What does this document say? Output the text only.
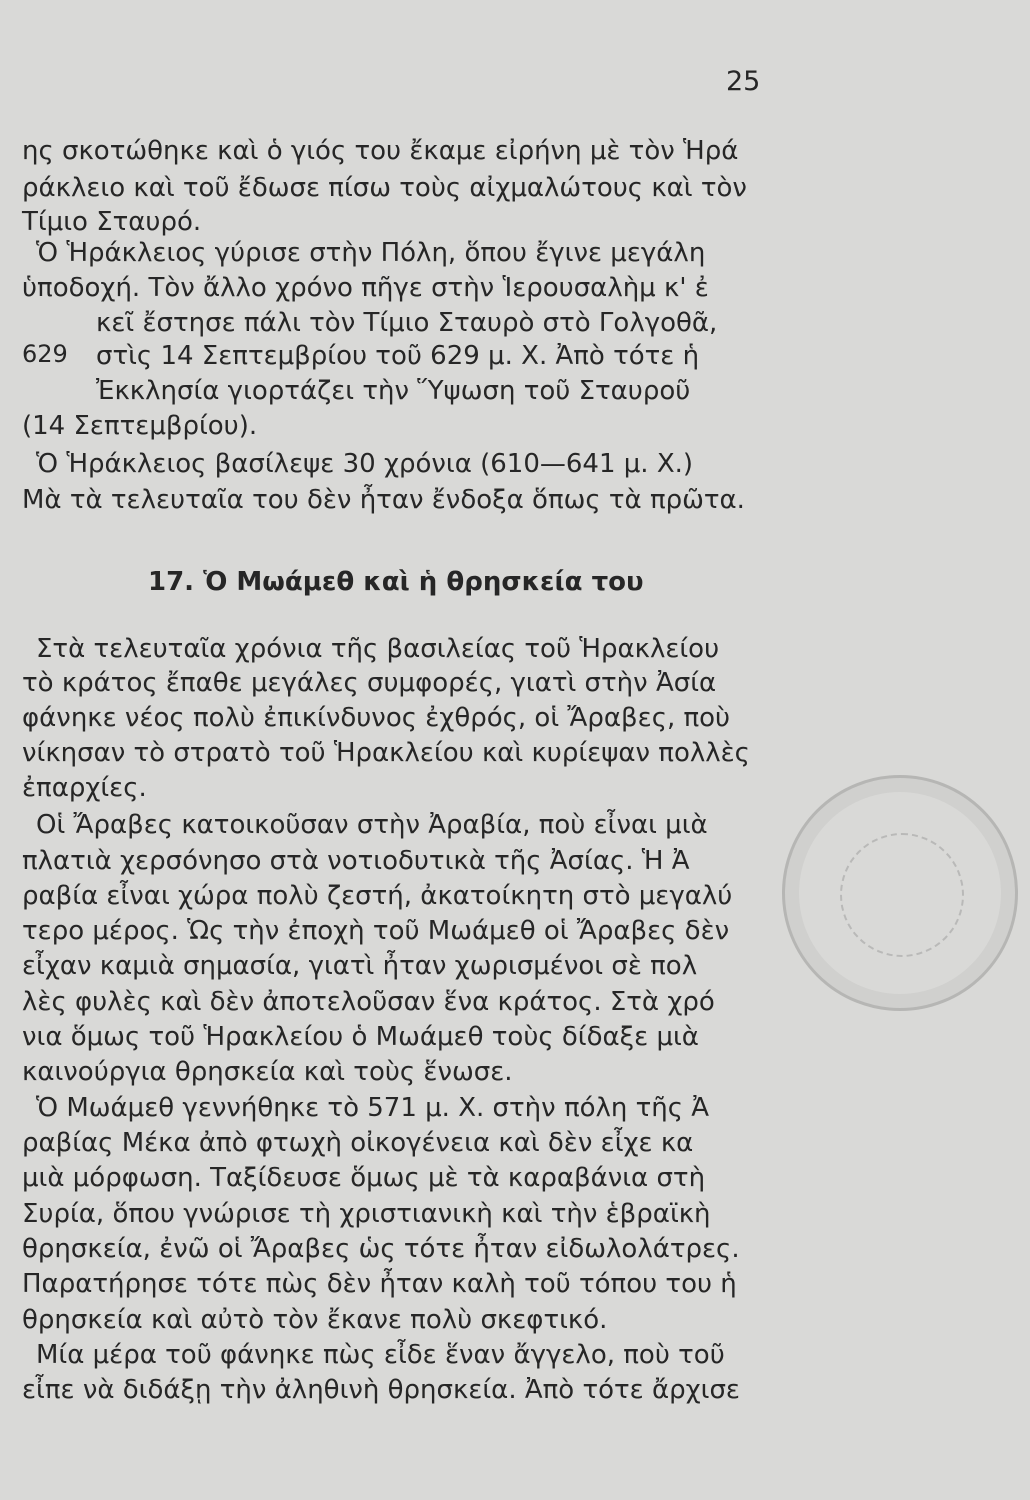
25
629
ης σκοτώθηκε καὶ ὁ γιός του ἔκαμε εἰρήνη μὲ τὸν Ἡρά
ράκλειο καὶ τοῦ ἔδωσε πίσω τοὺς αἰχμαλώτους καὶ τὸν
Τίμιο Σταυρό.
Ὁ Ἡράκλειος γύρισε στὴν Πόλη, ὅπου ἔγινε μεγάλη
ὑποδοχή. Τὸν ἄλλο χρόνο πῆγε στὴν Ἱερουσαλὴμ κ' ἐ
κεῖ ἔστησε πάλι τὸν Τίμιο Σταυρὸ στὸ Γολγοθᾶ,
στὶς 14 Σεπτεμβρίου τοῦ 629 μ. Χ. Ἀπὸ τότε ἡ
Ἐκκλησία γιορτάζει τὴν Ὕψωση τοῦ Σταυροῦ
(14 Σεπτεμβρίου).
Ὁ Ἡράκλειος βασίλεψε 30 χρόνια (610—641 μ. Χ.)
Μὰ τὰ τελευταῖα του δὲν ἦταν ἔνδοξα ὅπως τὰ πρῶτα.
17. Ὁ Μωάμεθ καὶ ἡ θρησκεία του
Στὰ τελευταῖα χρόνια τῆς βασιλείας τοῦ Ἡρακλείου
τὸ κράτος ἔπαθε μεγάλες συμφορές, γιατὶ στὴν Ἀσία
φάνηκε νέος πολὺ ἐπικίνδυνος ἐχθρός, οἱ Ἄραβες, ποὺ
νίκησαν τὸ στρατὸ τοῦ Ἡρακλείου καὶ κυρίεψαν πολλὲς
ἐπαρχίες.
Οἱ Ἄραβες κατοικοῦσαν στὴν Ἀραβία, ποὺ εἶναι μιὰ
πλατιὰ χερσόνησο στὰ νοτιοδυτικὰ τῆς Ἀσίας. Ἡ Ἀ
ραβία εἶναι χώρα πολὺ ζεστή, ἀκατοίκητη στὸ μεγαλύ
τερο μέρος. Ὡς τὴν ἐποχὴ τοῦ Μωάμεθ οἱ Ἄραβες δὲν
εἶχαν καμιὰ σημασία, γιατὶ ἦταν χωρισμένοι σὲ πολ
λὲς φυλὲς καὶ δὲν ἀποτελοῦσαν ἕνα κράτος. Στὰ χρό
νια ὅμως τοῦ Ἡρακλείου ὁ Μωάμεθ τοὺς δίδαξε μιὰ
καινούργια θρησκεία καὶ τοὺς ἕνωσε.
Ὁ Μωάμεθ γεννήθηκε τὸ 571 μ. Χ. στὴν πόλη τῆς Ἀ
ραβίας Μέκα ἀπὸ φτωχὴ οἰκογένεια καὶ δὲν εἶχε κα
μιὰ μόρφωση. Ταξίδευσε ὅμως μὲ τὰ καραβάνια στὴ
Συρία, ὅπου γνώρισε τὴ χριστιανικὴ καὶ τὴν ἑβραϊκὴ
θρησκεία, ἐνῶ οἱ Ἄραβες ὡς τότε ἦταν εἰδωλολάτρες.
Παρατήρησε τότε πὼς δὲν ἦταν καλὴ τοῦ τόπου του ἡ
θρησκεία καὶ αὐτὸ τὸν ἔκανε πολὺ σκεφτικό.
Μία μέρα τοῦ φάνηκε πὼς εἶδε ἕναν ἄγγελο, ποὺ τοῦ
εἶπε νὰ διδάξῃ τὴν ἀληθινὴ θρησκεία. Ἀπὸ τότε ἄρχισε
